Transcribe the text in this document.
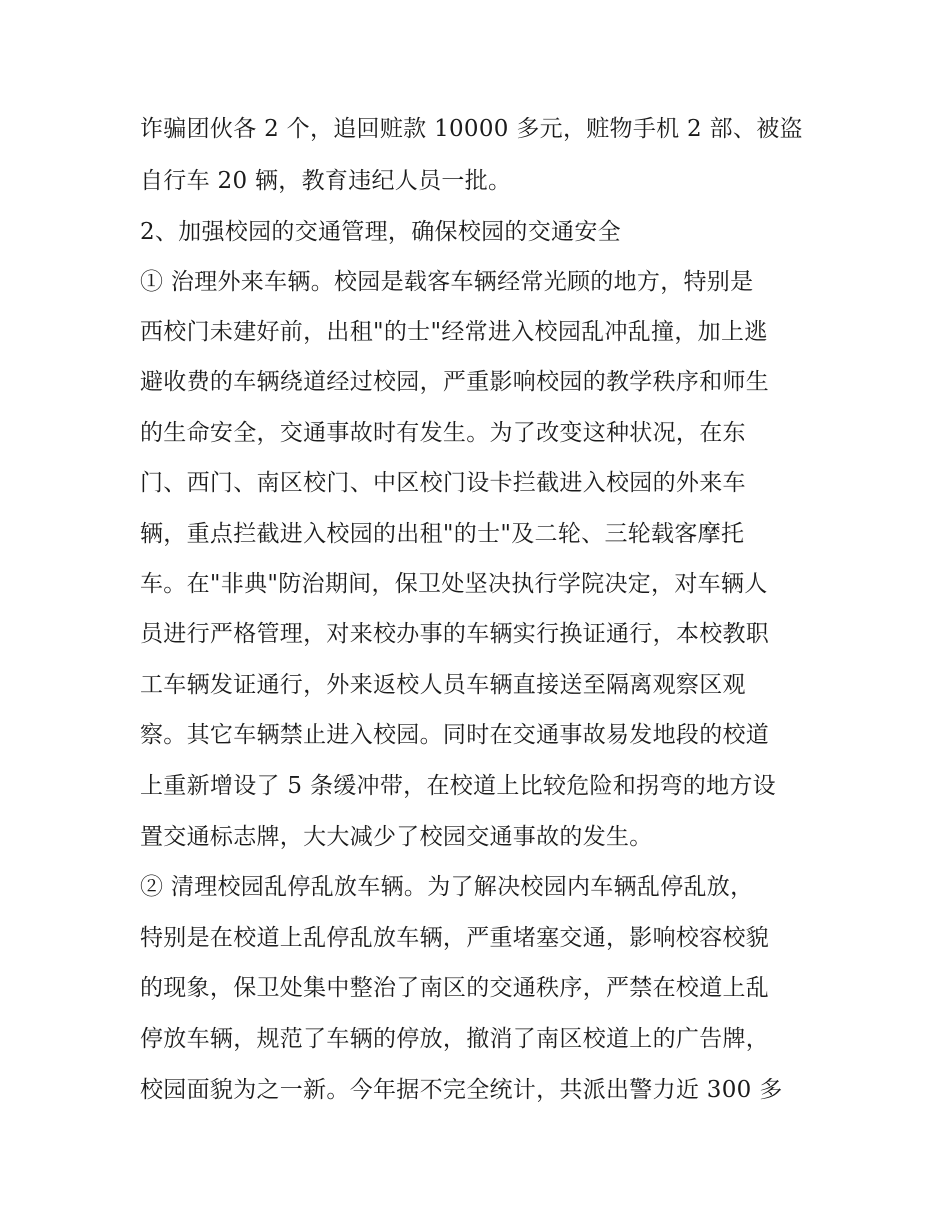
诈骗团伙各 2 个，追回赃款 10000 多元，赃物手机 2 部、被盗
自行车 20 辆，教育违纪人员一批。
2、加强校园的交通管理，确保校园的交通安全
① 治理外来车辆。校园是载客车辆经常光顾的地方，特别是
西校门未建好前，出租"的士"经常进入校园乱冲乱撞，加上逃
避收费的车辆绕道经过校园，严重影响校园的教学秩序和师生
的生命安全，交通事故时有发生。为了改变这种状况，在东
门、西门、南区校门、中区校门设卡拦截进入校园的外来车
辆，重点拦截进入校园的出租"的士"及二轮、三轮载客摩托
车。在"非典"防治期间，保卫处坚决执行学院决定，对车辆人
员进行严格管理，对来校办事的车辆实行换证通行，本校教职
工车辆发证通行，外来返校人员车辆直接送至隔离观察区观
察。其它车辆禁止进入校园。同时在交通事故易发地段的校道
上重新增设了 5 条缓冲带，在校道上比较危险和拐弯的地方设
置交通标志牌，大大减少了校园交通事故的发生。
② 清理校园乱停乱放车辆。为了解决校园内车辆乱停乱放，
特别是在校道上乱停乱放车辆，严重堵塞交通，影响校容校貌
的现象，保卫处集中整治了南区的交通秩序，严禁在校道上乱
停放车辆，规范了车辆的停放，撤消了南区校道上的广告牌，
校园面貌为之一新。今年据不完全统计，共派出警力近 300 多
